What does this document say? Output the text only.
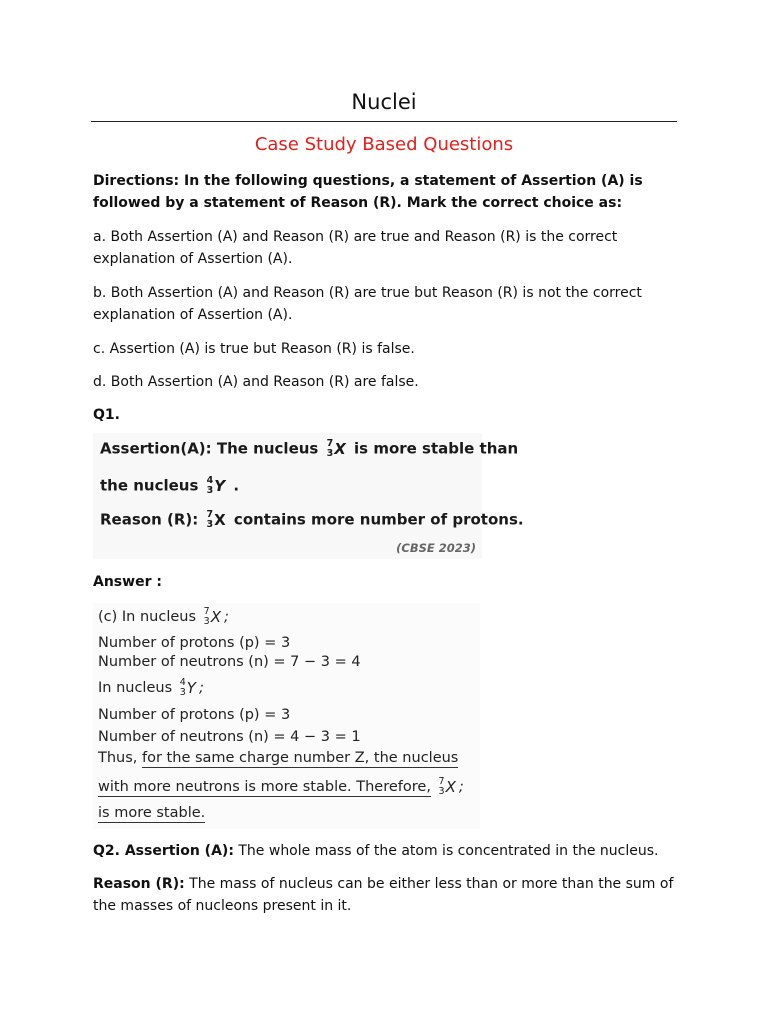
Nuclei
Case Study Based Questions
Directions: In the following questions, a statement of Assertion (A) is followed by a statement of Reason (R). Mark the correct choice as:
a. Both Assertion (A) and Reason (R) are true and Reason (R) is the correct explanation of Assertion (A).
b. Both Assertion (A) and Reason (R) are true but Reason (R) is not the correct explanation of Assertion (A).
c. Assertion (A) is true but Reason (R) is false.
d. Both Assertion (A) and Reason (R) are false.
Q1.
Assertion(A): The nucleus 7
3 X is more stable than
the nucleus 4
3 Y .
Reason (R): 7
3 X contains more number of protons.
(CBSE 2023)
Answer :
(c) In nucleus 7
3 X ;
Number of protons (p) = 3
Number of neutrons (n) = 7 − 3 = 4
In nucleus 4
3 Y ;
Number of protons (p) = 3
Number of neutrons (n) = 4 − 3 = 1
Thus, for the same charge number Z, the nucleus
with more neutrons is more stable. Therefore, 7
3 X ;
is more stable.
Q2. Assertion (A): The whole mass of the atom is concentrated in the nucleus.
Reason (R): The mass of nucleus can be either less than or more than the sum of the masses of nucleons present in it.
